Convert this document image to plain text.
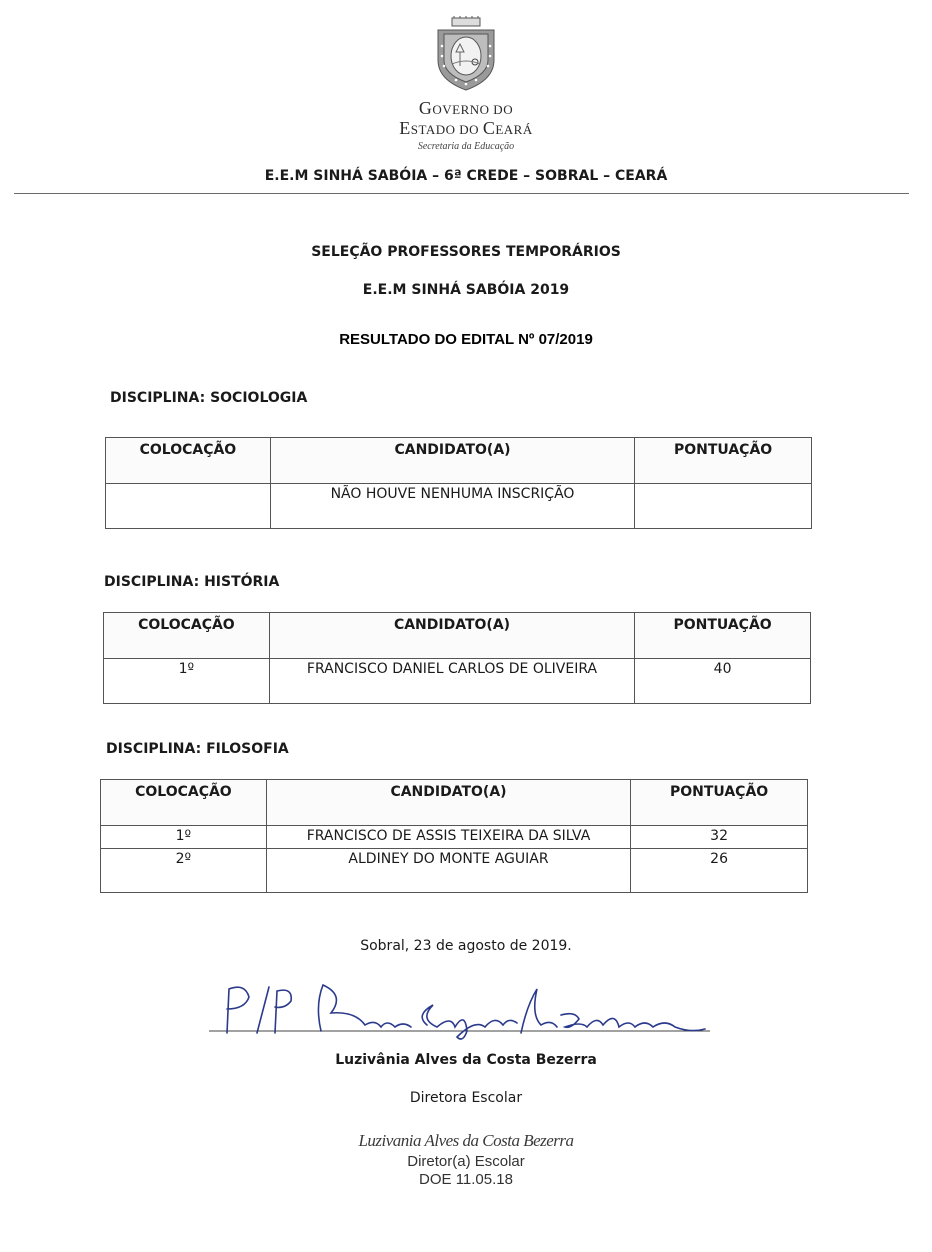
GOVERNO DO
ESTADO DO CEARÁ
Secretaria da Educação
E.E.M SINHÁ SABÓIA – 6ª CREDE – SOBRAL – CEARÁ
SELEÇÃO PROFESSORES TEMPORÁRIOS
E.E.M SINHÁ SABÓIA 2019
RESULTADO DO EDITAL Nº 07/2019
DISCIPLINA: SOCIOLOGIA
COLOCAÇÃO	CANDIDATO(A)	PONTUAÇÃO
	NÃO HOUVE NENHUMA INSCRIÇÃO	
DISCIPLINA: HISTÓRIA
COLOCAÇÃO	CANDIDATO(A)	PONTUAÇÃO
1º	FRANCISCO DANIEL CARLOS DE OLIVEIRA	40
DISCIPLINA: FILOSOFIA
COLOCAÇÃO	CANDIDATO(A)	PONTUAÇÃO
1º	FRANCISCO DE ASSIS TEIXEIRA DA SILVA	32
2º	ALDINEY DO MONTE AGUIAR	26
Sobral, 23 de agosto de 2019.
Luzivânia Alves da Costa Bezerra
Diretora Escolar
Luzivania Alves da Costa Bezerra
Diretor(a) Escolar
DOE 11.05.18
